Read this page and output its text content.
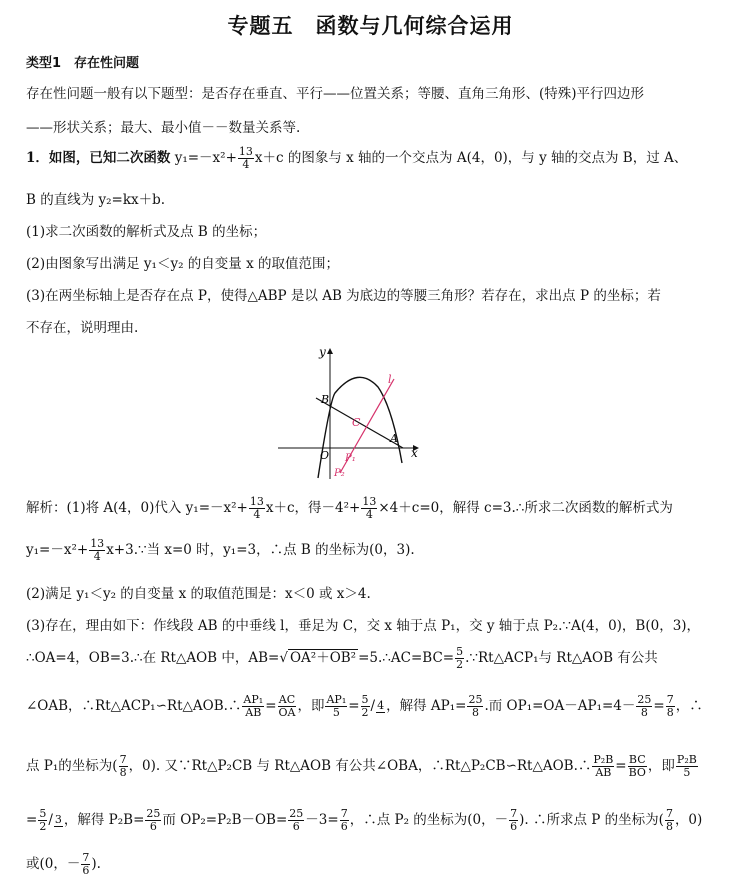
专题五　函数与几何综合运用
类型1　存在性问题
存在性问题一般有以下题型：是否存在垂直、平行——位置关系；等腰、直角三角形、(特殊)平行四边形
——形状关系；最大、最小值－－数量关系等.
1．如图，已知二次函数 $y_1=-x^2+ \frac{13}{4} x+c$ 的图象与 x 轴的一个交点为 A(4，0)，与 y 轴的交点为 B，过 A、
B 的直线为 y₂=kx＋b.
(1)求二次函数的解析式及点 B 的坐标；
(2)由图象写出满足 y₁＜y₂ 的自变量 x 的取值范围；
(3)在两坐标轴上是否存在点 P，使得△ABP 是以 AB 为底边的等腰三角形？若存在，求出点 P 的坐标；若
不存在，说明理由.
y
x
O
B
A
C
P₁
P₂
l
解析：(1)将 A(4，0)代入 $y_1=-x^2+ \frac{13}{4} x+c$，得$-4^2+ \frac{13}{4} \times 4+c=0$，解得 c=3.∴所求二次函数的解析式为
$y_1=-x^2+ \frac{13}{4}$ x+3.∵当 x=0 时，y₁=3，∴点 B 的坐标为(0，3).
(2)满足 y₁＜y₂ 的自变量 x 的取值范围是：x＜0 或 x＞4.
(3)存在，理由如下：作线段 AB 的中垂线 l，垂足为 C，交 x 轴于点 P₁，交 y 轴于点 P₂.∵A(4，0)，B(0，3)，
∴OA=4，OB=3.∴在 Rt△AOB 中，AB=√ OA²＋OB² =5.∴AC=BC= $\frac{5}{2}$ .∵Rt△ACP₁与 Rt△AOB 有公共
∠OAB，∴Rt△ACP₁∽Rt△AOB.∴ $\frac{\text{AP₁}}{AB} = \frac{AC}{OA}$ ，即 $\frac{\text{AP₁}}{5} = \frac{5}{2} / 4$ ，解得 $AP_1= \frac{25}{8}$ .而 $OP_1=OA-AP_1=4- \frac{25}{8} = \frac{7}{8}$ ，∴
点 P₁的坐标为( $\frac{7}{8}$ ，0). 又∵Rt△P₂CB 与 Rt△AOB 有公共∠OBA，∴Rt△P₂CB∽Rt△AOB.∴ $\frac{\text{P₂B}}{AB} = \frac{BC}{BO}$ ，即 $\frac{\text{P₂B}}{5}$
= $\frac{5}{2} / 3$ ，解得 $P_2B= \frac{25}{6}$ 而 $OP_2=P_2B-OB= \frac{25}{6} -3= \frac{7}{6}$ ，∴点 P₂ 的坐标为(0，－ $\frac{7}{6}$ ). ∴所求点 P 的坐标为( $\frac{7}{8}$ ，0)
或(0，－ $\frac{7}{6}$ ).
